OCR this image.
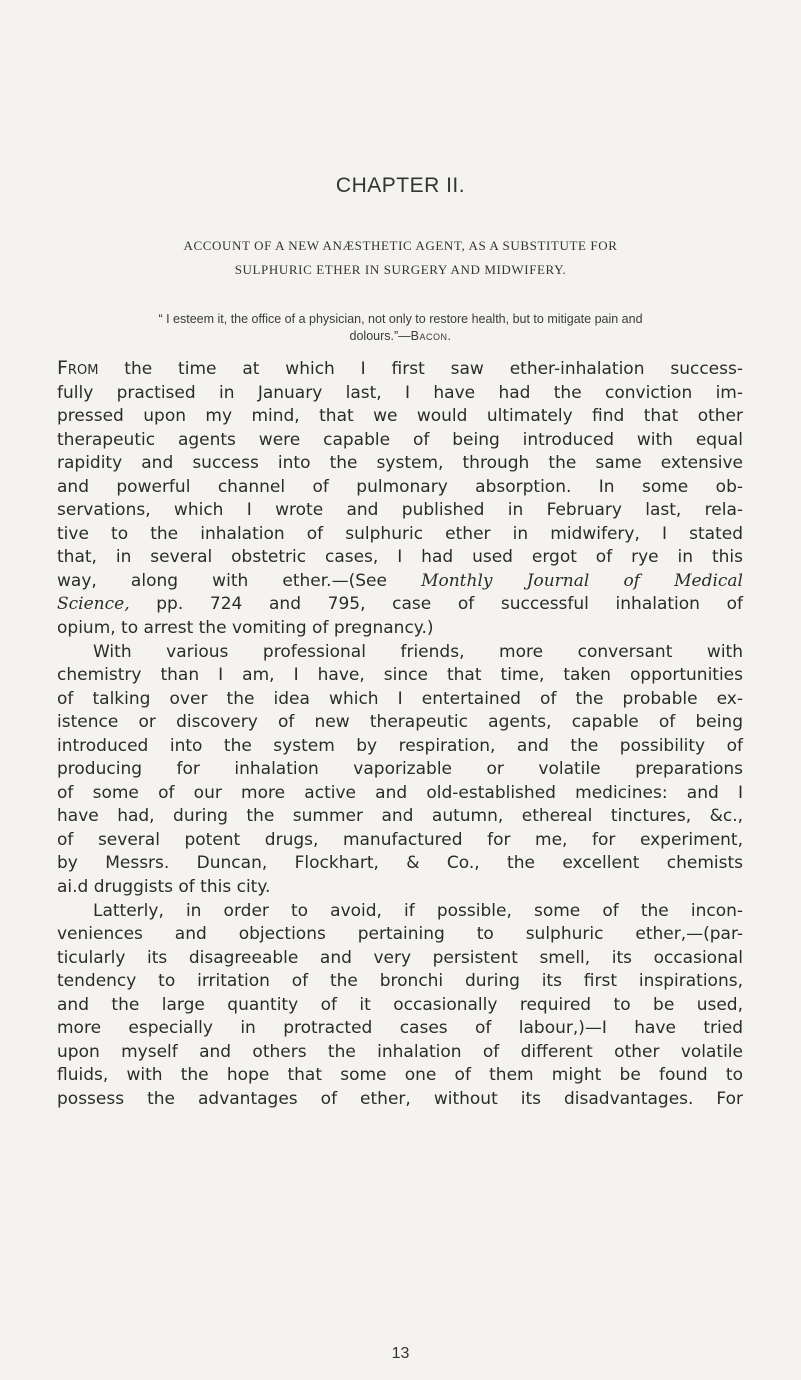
CHAPTER II.
ACCOUNT OF A NEW ANÆSTHETIC AGENT, AS A SUBSTITUTE FOR
SULPHURIC ETHER IN SURGERY AND MIDWIFERY.
“ I esteem it, the office of a physician, not only to restore health, but to mitigate pain and
dolours.”—Bacon.
From the time at which I first saw ether-inhalation success-
fully practised in January last, I have had the conviction im-
pressed upon my mind, that we would ultimately find that other
therapeutic agents were capable of being introduced with equal
rapidity and success into the system, through the same extensive
and powerful channel of pulmonary absorption. In some ob-
servations, which I wrote and published in February last, rela-
tive to the inhalation of sulphuric ether in midwifery, I stated
that, in several obstetric cases, I had used ergot of rye in this
way, along with ether.—(See Monthly Journal of Medical
Science, pp. 724 and 795, case of successful inhalation of
opium, to arrest the vomiting of pregnancy.)
With various professional friends, more conversant with
chemistry than I am, I have, since that time, taken opportunities
of talking over the idea which I entertained of the probable ex-
istence or discovery of new therapeutic agents, capable of being
introduced into the system by respiration, and the possibility of
producing for inhalation vaporizable or volatile preparations
of some of our more active and old-established medicines: and I
have had, during the summer and autumn, ethereal tinctures, &c.,
of several potent drugs, manufactured for me, for experiment,
by Messrs. Duncan, Flockhart, & Co., the excellent chemists
ai.d druggists of this city.
Latterly, in order to avoid, if possible, some of the incon-
veniences and objections pertaining to sulphuric ether,—(par-
ticularly its disagreeable and very persistent smell, its occasional
tendency to irritation of the bronchi during its first inspirations,
and the large quantity of it occasionally required to be used,
more especially in protracted cases of labour,)—I have tried
upon myself and others the inhalation of different other volatile
fluids, with the hope that some one of them might be found to
possess the advantages of ether, without its disadvantages. For
13
